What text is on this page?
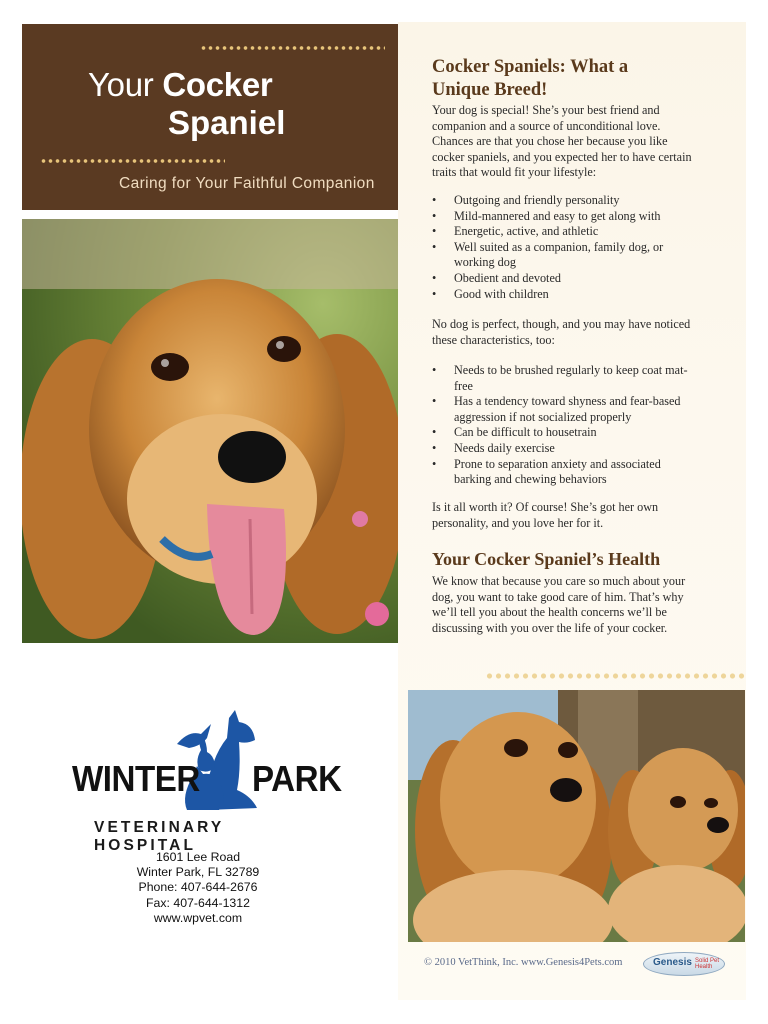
Your Cocker
Spaniel
Caring for Your Faithful Companion
Cocker Spaniels: What a
Unique Breed!
Your dog is special! She’s your best friend and
companion and a source of unconditional love.
Chances are that you chose her because you like
cocker spaniels, and you expected her to have certain
traits that would fit your lifestyle:
• Outgoing and friendly personality
• Mild-mannered and easy to get along with
• Energetic, active, and athletic
• Well suited as a companion, family dog, or
working dog
• Obedient and devoted
• Good with children
No dog is perfect, though, and you may have noticed
these characteristics, too:
• Needs to be brushed regularly to keep coat mat-
free
• Has a tendency toward shyness and fear-based
aggression if not socialized properly
• Can be difficult to housetrain
• Needs daily exercise
• Prone to separation anxiety and associated
barking and chewing behaviors
Is it all worth it? Of course! She’s got her own
personality, and you love her for it.
Your Cocker Spaniel’s Health
We know that because you care so much about your
dog, you want to take good care of him. That’s why
we’ll tell you about the health concerns we’ll be
discussing with you over the life of your cocker.
WINTER PARK
VETERINARY HOSPITAL
1601 Lee Road
Winter Park, FL 32789
Phone: 407-644-2676
Fax: 407-644-1312
www.wpvet.com
© 2010 VetThink, Inc. www.Genesis4Pets.com	Genesis Solid Pet Health
